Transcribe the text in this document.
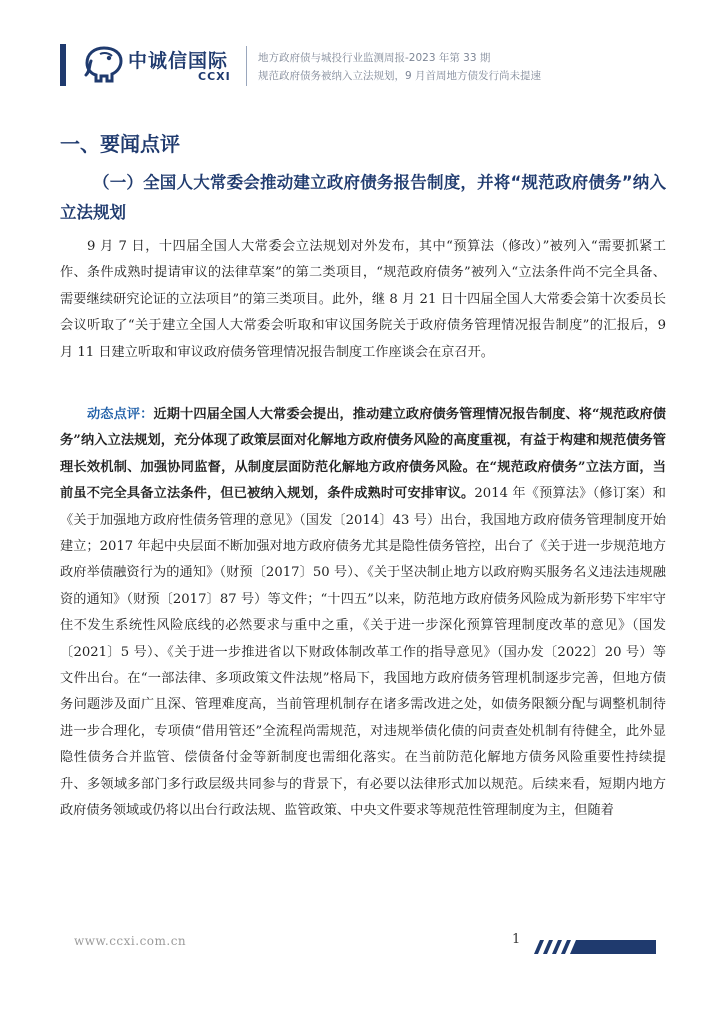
中诚信国际
CCXI
地方政府债与城投行业监测周报-2023 年第 33 期
规范政府债务被纳入立法规划，9 月首周地方债发行尚未提速
一、要闻点评

（一）全国人大常委会推动建立政府债务报告制度，并将“规范政府债务”纳入立法规划

9 月 7 日，十四届全国人大常委会立法规划对外发布，其中“预算法（修改）”被列入“需要抓紧工作、条件成熟时提请审议的法律草案”的第二类项目，“规范政府债务”被列入“立法条件尚不完全具备、需要继续研究论证的立法项目”的第三类项目。此外，继 8 月 21 日十四届全国人大常委会第十次委员长会议听取了“关于建立全国人大常委会听取和审议国务院关于政府债务管理情况报告制度”的汇报后，9 月 11 日建立听取和审议政府债务管理情况报告制度工作座谈会在京召开。

动态点评：近期十四届全国人大常委会提出，推动建立政府债务管理情况报告制度、将“规范政府债务”纳入立法规划，充分体现了政策层面对化解地方政府债务风险的高度重视，有益于构建和规范债务管理长效机制、加强协同监督，从制度层面防范化解地方政府债务风险。在“规范政府债务”立法方面，当前虽不完全具备立法条件，但已被纳入规划，条件成熟时可安排审议。2014 年《预算法》（修订案）和《关于加强地方政府性债务管理的意见》（国发〔2014〕43 号）出台，我国地方政府债务管理制度开始建立；2017 年起中央层面不断加强对地方政府债务尤其是隐性债务管控，出台了《关于进一步规范地方政府举债融资行为的通知》（财预〔2017〕50 号）、《关于坚决制止地方以政府购买服务名义违法违规融资的通知》（财预〔2017〕87 号）等文件；“十四五”以来，防范地方政府债务风险成为新形势下牢牢守住不发生系统性风险底线的必然要求与重中之重，《关于进一步深化预算管理制度改革的意见》（国发〔2021〕5 号）、《关于进一步推进省以下财政体制改革工作的指导意见》（国办发〔2022〕20 号）等文件出台。在“一部法律、多项政策文件法规”格局下，我国地方政府债务管理机制逐步完善，但地方债务问题涉及面广且深、管理难度高，当前管理机制存在诸多需改进之处，如债务限额分配与调整机制待进一步合理化，专项债“借用管还”全流程尚需规范，对违规举债化债的问责查处机制有待健全，此外显隐性债务合并监管、偿债备付金等新制度也需细化落实。在当前防范化解地方债务风险重要性持续提升、多领域多部门多行政层级共同参与的背景下，有必要以法律形式加以规范。后续来看，短期内地方政府债务领域或仍将以出台行政法规、监管政策、中央文件要求等规范性管理制度为主，但随着

www.ccxi.com.cn	1
